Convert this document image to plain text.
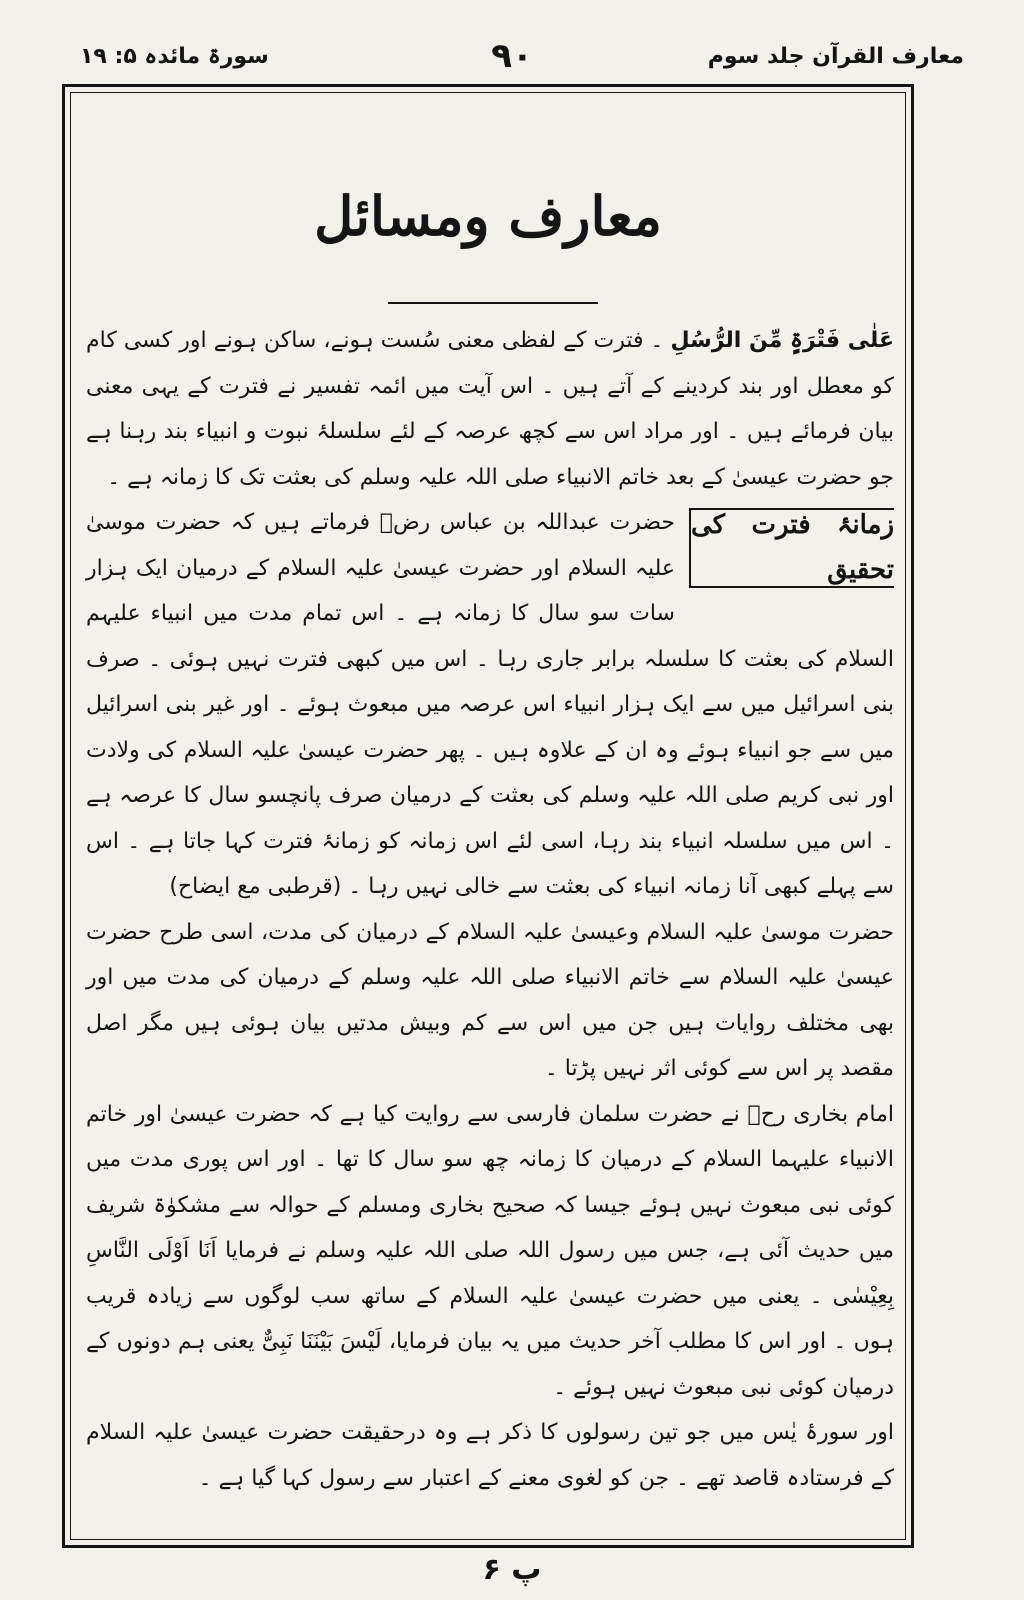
سورۃ مائدہ ۵: ۱۹	۹۰	معارف القرآن جلد سوم
معارف ومسائل

عَلٰی فَتْرَۃٍ مِّنَ الرُّسُلِ ۔ فترت کے لفظی معنی سُست ہونے، ساکن ہونے اور کسی کام کو معطل اور بند کردینے کے آتے ہیں ۔ اس آیت میں ائمہ تفسیر نے فترت کے یہی معنی بیان فرمائے ہیں ۔ اور مراد اس سے کچھ عرصہ کے لئے سلسلۂ نبوت و انبیاء بند رہنا ہے جو حضرت عیسیٰ کے بعد خاتم الانبیاء صلی اللہ علیہ وسلم کی بعثت تک کا زمانہ ہے ۔

زمانۂ فترت کی تحقیق

حضرت عبداللہ بن عباس رضؓ فرماتے ہیں کہ حضرت موسیٰ علیہ السلام اور حضرت عیسیٰ علیہ السلام کے درمیان ایک ہزار سات سو سال کا زمانہ ہے ۔ اس تمام مدت میں انبیاء علیہم السلام کی بعثت کا سلسلہ برابر جاری رہا ۔ اس میں کبھی فترت نہیں ہوئی ۔ صرف بنی اسرائیل میں سے ایک ہزار انبیاء اس عرصہ میں مبعوث ہوئے ۔ اور غیر بنی اسرائیل میں سے جو انبیاء ہوئے وہ ان کے علاوہ ہیں ۔ پھر حضرت عیسیٰ علیہ السلام کی ولادت اور نبی کریم صلی اللہ علیہ وسلم کی بعثت کے درمیان صرف پانچسو سال کا عرصہ ہے ۔ اس میں سلسلہ انبیاء بند رہا، اسی لئے اس زمانہ کو زمانۂ فترت کہا جاتا ہے ۔ اس سے پہلے کبھی آنا زمانہ انبیاء کی بعثت سے خالی نہیں رہا ۔ (قرطبی مع ایضاح)

حضرت موسیٰ علیہ السلام وعیسیٰ علیہ السلام کے درمیان کی مدت، اسی طرح حضرت عیسیٰ علیہ السلام سے خاتم الانبیاء صلی اللہ علیہ وسلم کے درمیان کی مدت میں اور بھی مختلف روایات ہیں جن میں اس سے کم وبیش مدتیں بیان ہوئی ہیں مگر اصل مقصد پر اس سے کوئی اثر نہیں پڑتا ۔

امام بخاری رحؒ نے حضرت سلمان فارسی سے روایت کیا ہے کہ حضرت عیسیٰ اور خاتم الانبیاء علیہما السلام کے درمیان کا زمانہ چھ سو سال کا تھا ۔ اور اس پوری مدت میں کوئی نبی مبعوث نہیں ہوئے جیسا کہ صحیح بخاری ومسلم کے حوالہ سے مشکوٰۃ شریف میں حدیث آئی ہے، جس میں رسول اللہ صلی اللہ علیہ وسلم نے فرمایا اَنَا اَوْلَی النَّاسِ بِعِیْسٰی ۔ یعنی میں حضرت عیسیٰ علیہ السلام کے ساتھ سب لوگوں سے زیادہ قریب ہوں ۔ اور اس کا مطلب آخر حدیث میں یہ بیان فرمایا، لَیْسَ بَیْنَنَا نَبِیٌّ یعنی ہم دونوں کے درمیان کوئی نبی مبعوث نہیں ہوئے ۔

اور سورۂ یٰس میں جو تین رسولوں کا ذکر ہے وہ درحقیقت حضرت عیسیٰ علیہ السلام کے فرستادہ قاصد تھے ۔ جن کو لغوی معنے کے اعتبار سے رسول کہا گیا ہے ۔

پ ۶
